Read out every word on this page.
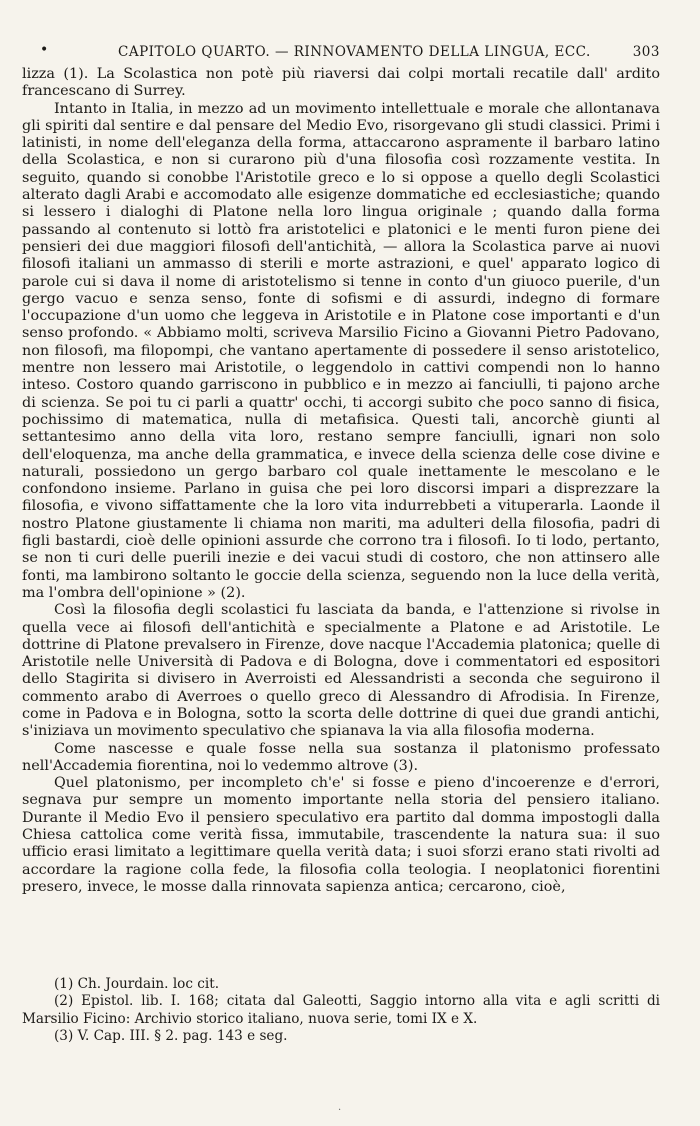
•	CAPITOLO QUARTO. — RINNOVAMENTO DELLA LINGUA, ECC.	303

lizza (1). La Scolastica non potè più riaversi dai colpi mortali recatile dall' ardito francescano di Surrey.

Intanto in Italia, in mezzo ad un movimento intellettuale e morale che allontanava gli spiriti dal sentire e dal pensare del Medio Evo, risorgevano gli studi classici. Primi i latinisti, in nome dell'eleganza della forma, attaccarono aspramente il barbaro latino della Scolastica, e non si curarono più d'una filosofia così rozzamente vestita. In seguito, quando si conobbe l'Aristotile greco e lo si oppose a quello degli Scolastici alterato dagli Arabi e accomodato alle esigenze dommatiche ed ecclesiastiche; quando si lessero i dialoghi di Platone nella loro lingua originale ; quando dalla forma passando al contenuto si lottò fra aristotelici e platonici e le menti furon piene dei pensieri dei due maggiori filosofi dell'antichità, — allora la Scolastica parve ai nuovi filosofi italiani un ammasso di sterili e morte astrazioni, e quel' apparato logico di parole cui si dava il nome di aristotelismo si tenne in conto d'un giuoco puerile, d'un gergo vacuo e senza senso, fonte di sofismi e di assurdi, indegno di formare l'occupazione d'un uomo che leggeva in Aristotile e in Platone cose importanti e d'un senso profondo. « Abbiamo molti, scriveva Marsilio Ficino a Giovanni Pietro Padovano, non filosofi, ma filopompi, che vantano apertamente di possedere il senso aristotelico, mentre non lessero mai Aristotile, o leggendolo in cattivi compendi non lo hanno inteso. Costoro quando garriscono in pubblico e in mezzo ai fanciulli, ti pajono arche di scienza. Se poi tu ci parli a quattr' occhi, ti accorgi subito che poco sanno di fisica, pochissimo di matematica, nulla di metafisica. Questi tali, ancorchè giunti al settantesimo anno della vita loro, restano sempre fanciulli, ignari non solo dell'eloquenza, ma anche della grammatica, e invece della scienza delle cose divine e naturali, possiedono un gergo barbaro col quale inettamente le mescolano e le confondono insieme. Parlano in guisa che pei loro discorsi impari a disprezzare la filosofia, e vivono siffattamente che la loro vita indurrebbeti a vituperarla. Laonde il nostro Platone giustamente li chiama non mariti, ma adulteri della filosofia, padri di figli bastardi, cioè delle opinioni assurde che corrono tra i filosofi. Io ti lodo, pertanto, se non ti curi delle puerili inezie e dei vacui studi di costoro, che non attinsero alle fonti, ma lambirono soltanto le goccie della scienza, seguendo non la luce della verità, ma l'ombra dell'opinione » (2).

Così la filosofia degli scolastici fu lasciata da banda, e l'attenzione si rivolse in quella vece ai filosofi dell'antichità e specialmente a Platone e ad Aristotile. Le dottrine di Platone prevalsero in Firenze, dove nacque l'Accademia platonica; quelle di Aristotile nelle Università di Padova e di Bologna, dove i commentatori ed espositori dello Stagirita si divisero in Averroisti ed Alessandristi a seconda che seguirono il commento arabo di Averroes o quello greco di Alessandro di Afrodisia. In Firenze, come in Padova e in Bologna, sotto la scorta delle dottrine di quei due grandi antichi, s'iniziava un movimento speculativo che spianava la via alla filosofia moderna.

Come nascesse e quale fosse nella sua sostanza il platonismo professato nell'Accademia fiorentina, noi lo vedemmo altrove (3).

Quel platonismo, per incompleto ch'e' si fosse e pieno d'incoerenze e d'errori, segnava pur sempre un momento importante nella storia del pensiero italiano. Durante il Medio Evo il pensiero speculativo era partito dal domma impostogli dalla Chiesa cattolica come verità fissa, immutabile, trascendente la natura sua: il suo ufficio erasi limitato a legittimare quella verità data; i suoi sforzi erano stati rivolti ad accordare la ragione colla fede, la filosofia colla teologia. I neoplatonici fiorentini presero, invece, le mosse dalla rinnovata sapienza antica; cercarono, cioè,

(1) Ch. Jourdain. loc cit.

(2) Epistol. lib. I. 168; citata dal Galeotti, Saggio intorno alla vita e agli scritti di Marsilio Ficino: Archivio storico italiano, nuova serie, tomi IX e X.

(3) V. Cap. III. § 2. pag. 143 e seg.

.
